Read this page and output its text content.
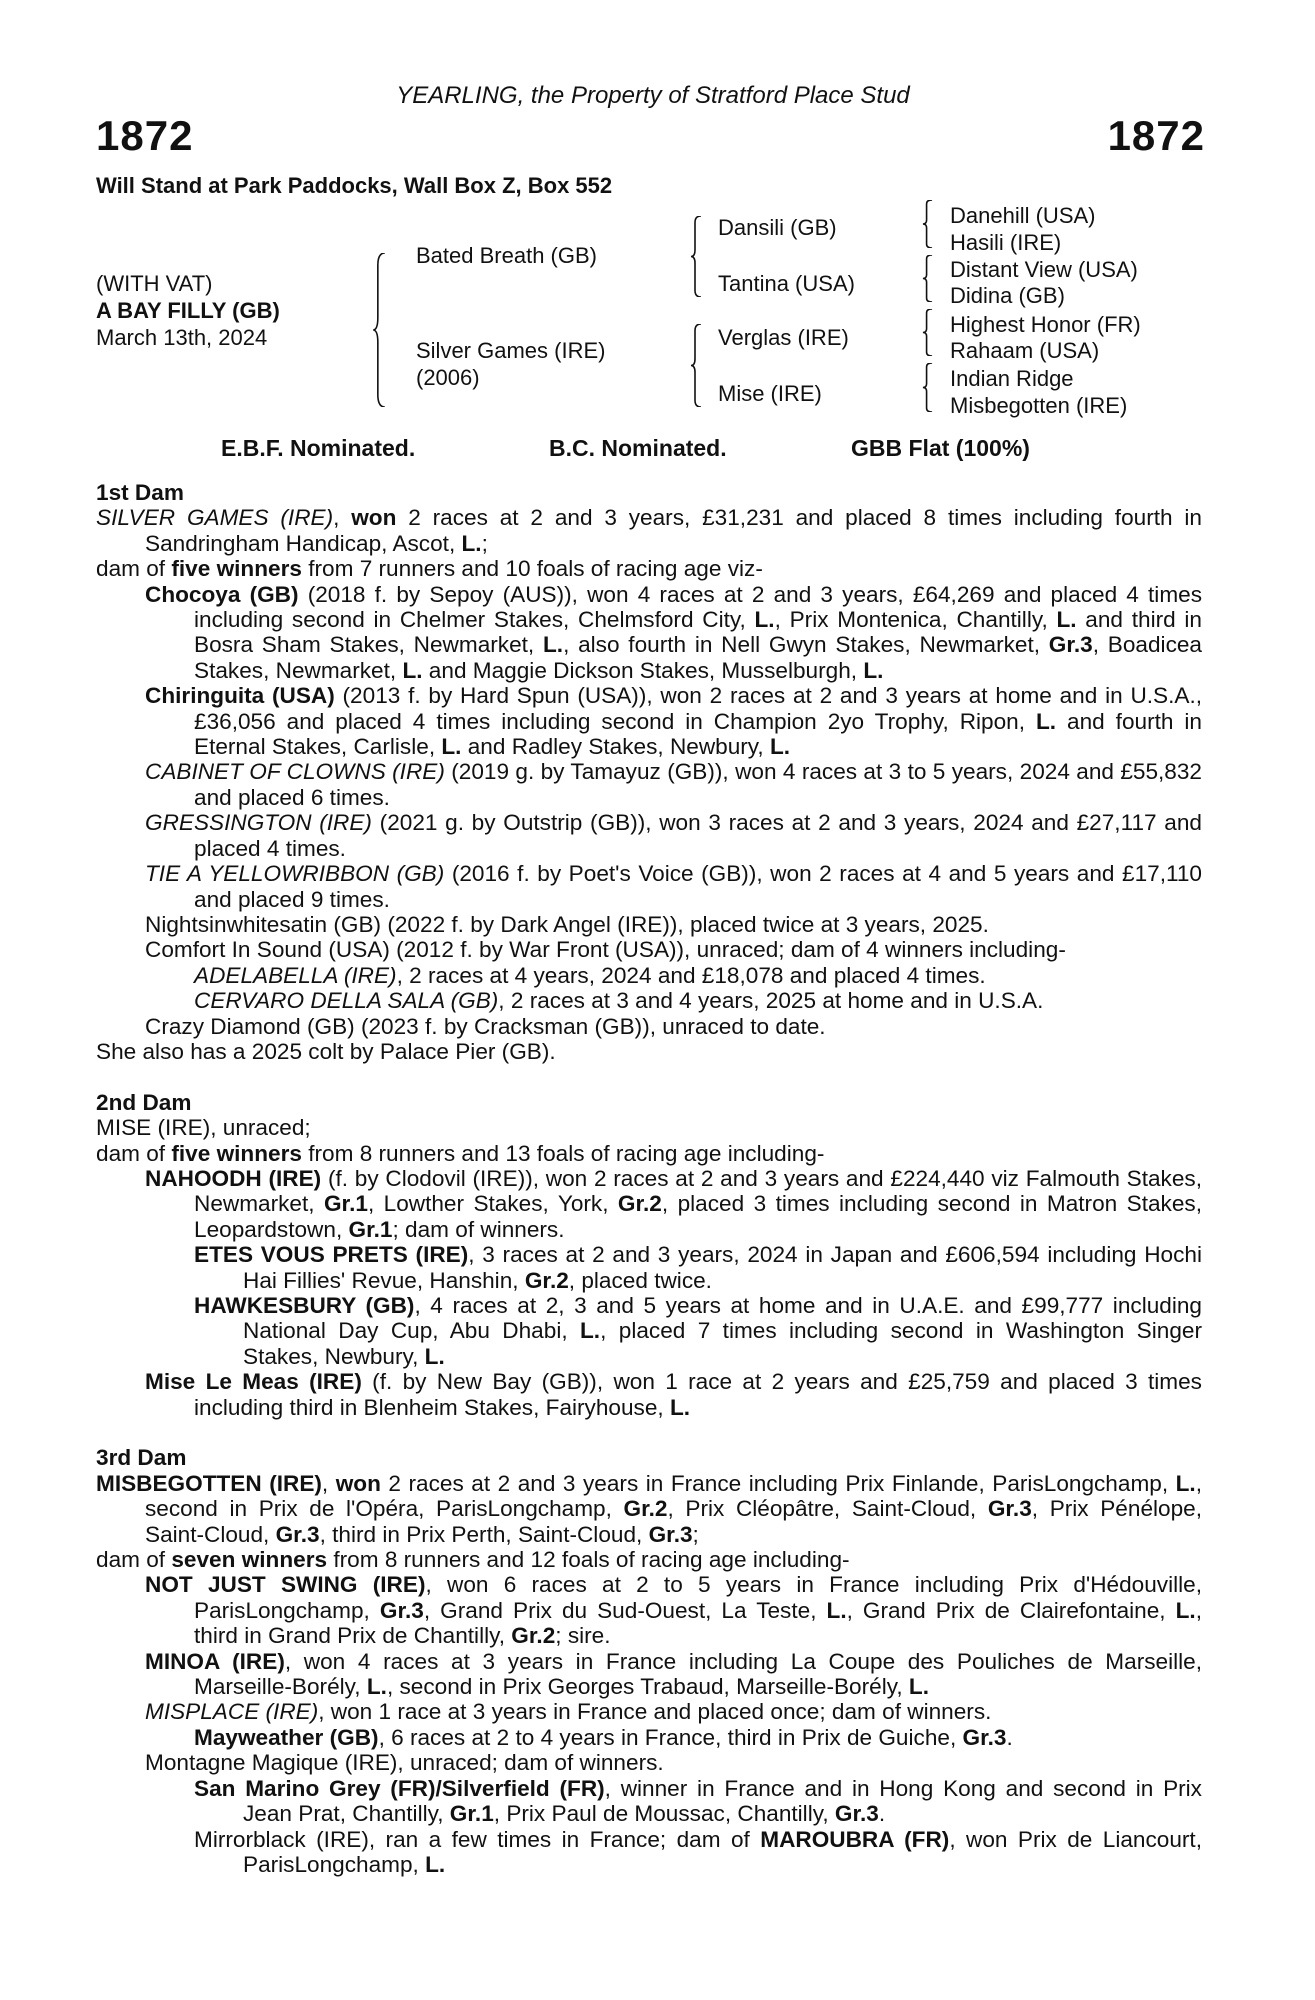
YEARLING, the Property of Stratford Place Stud
1872	1872
Will Stand at Park Paddocks, Wall Box Z, Box 552
(WITH VAT)
A BAY FILLY (GB)
March 13th, 2024
Bated Breath (GB)
Silver Games (IRE)
(2006)
Dansili (GB)
Tantina (USA)
Verglas (IRE)
Mise (IRE)
Danehill (USA)
Hasili (IRE)
Distant View (USA)
Didina (GB)
Highest Honor (FR)
Rahaam (USA)
Indian Ridge
Misbegotten (IRE)
E.B.F. Nominated.	B.C. Nominated.	GBB Flat (100%)
1st Dam

SILVER GAMES (IRE), won 2 races at 2 and 3 years, £31,231 and placed 8 times including fourth in Sandringham Handicap, Ascot, L.;

dam of five winners from 7 runners and 10 foals of racing age viz-

Chocoya (GB) (2018 f. by Sepoy (AUS)), won 4 races at 2 and 3 years, £64,269 and placed 4 times including second in Chelmer Stakes, Chelmsford City, L., Prix Montenica, Chantilly, L. and third in Bosra Sham Stakes, Newmarket, L., also fourth in Nell Gwyn Stakes, Newmarket, Gr.3, Boadicea Stakes, Newmarket, L. and Maggie Dickson Stakes, Musselburgh, L.

Chiringuita (USA) (2013 f. by Hard Spun (USA)), won 2 races at 2 and 3 years at home and in U.S.A., £36,056 and placed 4 times including second in Champion 2yo Trophy, Ripon, L. and fourth in Eternal Stakes, Carlisle, L. and Radley Stakes, Newbury, L.

CABINET OF CLOWNS (IRE) (2019 g. by Tamayuz (GB)), won 4 races at 3 to 5 years, 2024 and £55,832 and placed 6 times.

GRESSINGTON (IRE) (2021 g. by Outstrip (GB)), won 3 races at 2 and 3 years, 2024 and £27,117 and placed 4 times.

TIE A YELLOWRIBBON (GB) (2016 f. by Poet's Voice (GB)), won 2 races at 4 and 5 years and £17,110 and placed 9 times.

Nightsinwhitesatin (GB) (2022 f. by Dark Angel (IRE)), placed twice at 3 years, 2025.

Comfort In Sound (USA) (2012 f. by War Front (USA)), unraced; dam of 4 winners including-

ADELABELLA (IRE), 2 races at 4 years, 2024 and £18,078 and placed 4 times.

CERVARO DELLA SALA (GB), 2 races at 3 and 4 years, 2025 at home and in U.S.A.

Crazy Diamond (GB) (2023 f. by Cracksman (GB)), unraced to date.

She also has a 2025 colt by Palace Pier (GB).

2nd Dam

MISE (IRE), unraced;

dam of five winners from 8 runners and 13 foals of racing age including-

NAHOODH (IRE) (f. by Clodovil (IRE)), won 2 races at 2 and 3 years and £224,440 viz Falmouth Stakes, Newmarket, Gr.1, Lowther Stakes, York, Gr.2, placed 3 times including second in Matron Stakes, Leopardstown, Gr.1; dam of winners.

ETES VOUS PRETS (IRE), 3 races at 2 and 3 years, 2024 in Japan and £606,594 including Hochi Hai Fillies' Revue, Hanshin, Gr.2, placed twice.

HAWKESBURY (GB), 4 races at 2, 3 and 5 years at home and in U.A.E. and £99,777 including National Day Cup, Abu Dhabi, L., placed 7 times including second in Washington Singer Stakes, Newbury, L.

Mise Le Meas (IRE) (f. by New Bay (GB)), won 1 race at 2 years and £25,759 and placed 3 times including third in Blenheim Stakes, Fairyhouse, L.

3rd Dam

MISBEGOTTEN (IRE), won 2 races at 2 and 3 years in France including Prix Finlande, ParisLongchamp, L., second in Prix de l'Opéra, ParisLongchamp, Gr.2, Prix Cléopâtre, Saint-Cloud, Gr.3, Prix Pénélope, Saint-Cloud, Gr.3, third in Prix Perth, Saint-Cloud, Gr.3;

dam of seven winners from 8 runners and 12 foals of racing age including-

NOT JUST SWING (IRE), won 6 races at 2 to 5 years in France including Prix d'Hédouville, ParisLongchamp, Gr.3, Grand Prix du Sud-Ouest, La Teste, L., Grand Prix de Clairefontaine, L., third in Grand Prix de Chantilly, Gr.2; sire.

MINOA (IRE), won 4 races at 3 years in France including La Coupe des Pouliches de Marseille, Marseille-Borély, L., second in Prix Georges Trabaud, Marseille-Borély, L.

MISPLACE (IRE), won 1 race at 3 years in France and placed once; dam of winners.

Mayweather (GB), 6 races at 2 to 4 years in France, third in Prix de Guiche, Gr.3.

Montagne Magique (IRE), unraced; dam of winners.

San Marino Grey (FR)/Silverfield (FR), winner in France and in Hong Kong and second in Prix Jean Prat, Chantilly, Gr.1, Prix Paul de Moussac, Chantilly, Gr.3.

Mirrorblack (IRE), ran a few times in France; dam of MAROUBRA (FR), won Prix de Liancourt, ParisLongchamp, L.
